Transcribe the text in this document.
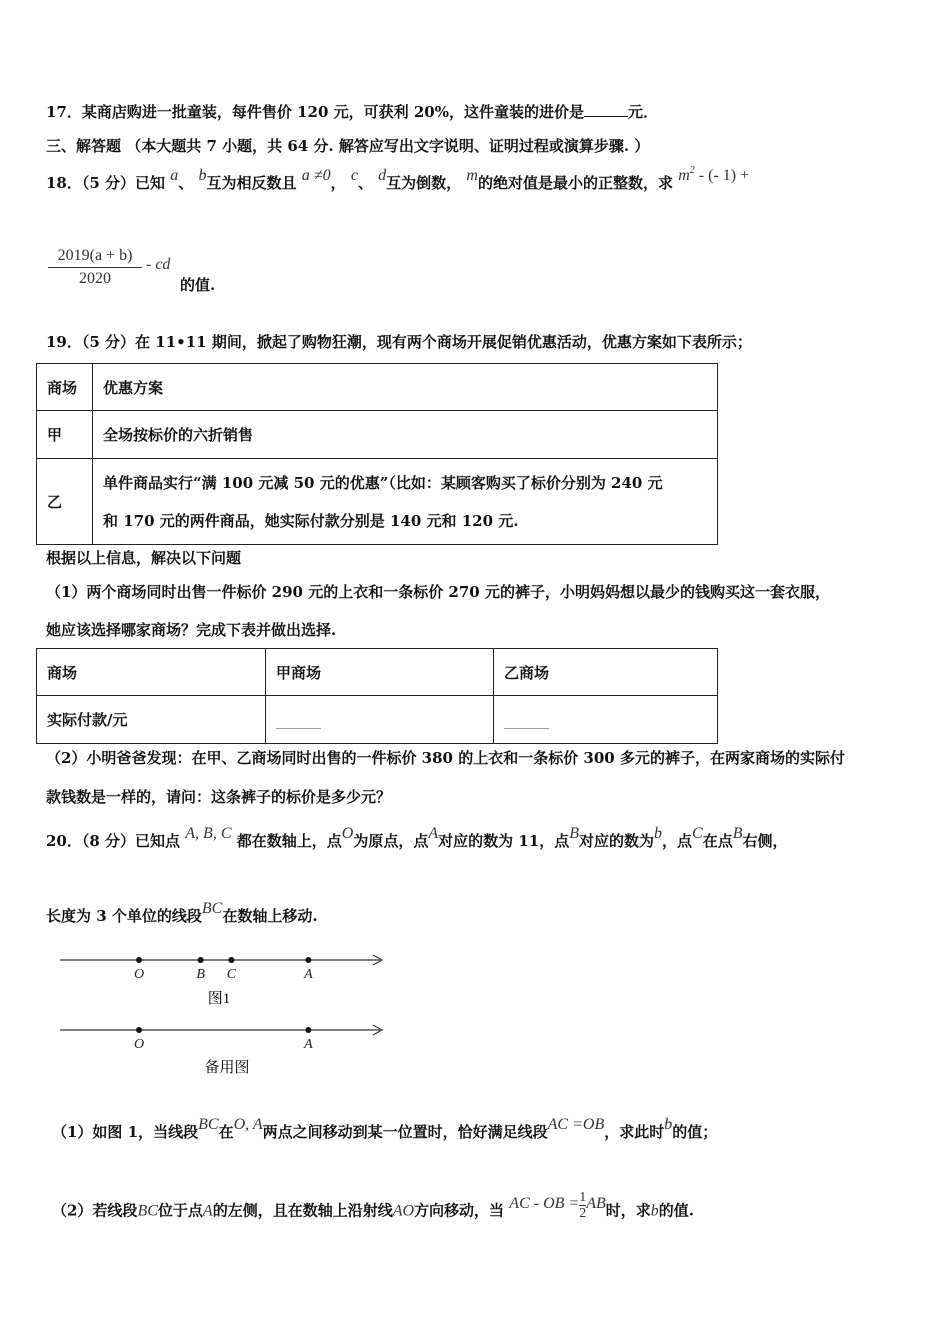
17．某商店购进一批童装，每件售价 120 元，可获利 20%，这件童装的进价是	元．
三、解答题 （本大题共 7 小题，共 64 分. 解答应写出文字说明、证明过程或演算步骤. ）
18．（5 分）已知 a、 b互为相反数且 a ≠0， c、 d互为倒数， m的绝对值是最小的正整数，求 $m^2$ - (- 1) +
$\frac{2019(a + b)}{2020}$ - cd
的值.
19．（5 分）在 11•11 期间，掀起了购物狂潮，现有两个商场开展促销优惠活动，优惠方案如下表所示；
商场	优惠方案
甲	全场按标价的六折销售
乙	单件商品实行“满 100 元减 50 元的优惠”（比如：某顾客购买了标价分别为 240 元
和 170 元的两件商品，她实际付款分别是 140 元和 120 元.
根据以上信息，解决以下问题
（1）两个商场同时出售一件标价 290 元的上衣和一条标价 270 元的裤子，小明妈妈想以最少的钱购买这一套衣服，
她应该选择哪家商场？完成下表并做出选择.
商场	甲商场	乙商场
实际付款/元	______	______
（2）小明爸爸发现：在甲、乙商场同时出售的一件标价 380 的上衣和一条标价 300 多元的裤子，在两家商场的实际付
款钱数是一样的，请问：这条裤子的标价是多少元？
20．（8 分）已知点 A, B, C 都在数轴上，点O为原点，点A对应的数为 11，点B对应的数为b，点C在点B右侧，
长度为 3 个单位的线段BC在数轴上移动.
O	B C	A
图1
O	A
备用图
（1）如图 1，当线段BC在O, A两点之间移动到某一位置时，恰好满足线段AC =OB，求此时b的值；
（2）若线段BC位于点A的左侧，且在数轴上沿射线AO方向移动，当 AC - OB = $\frac{1}{2}$ AB时，求b的值.
